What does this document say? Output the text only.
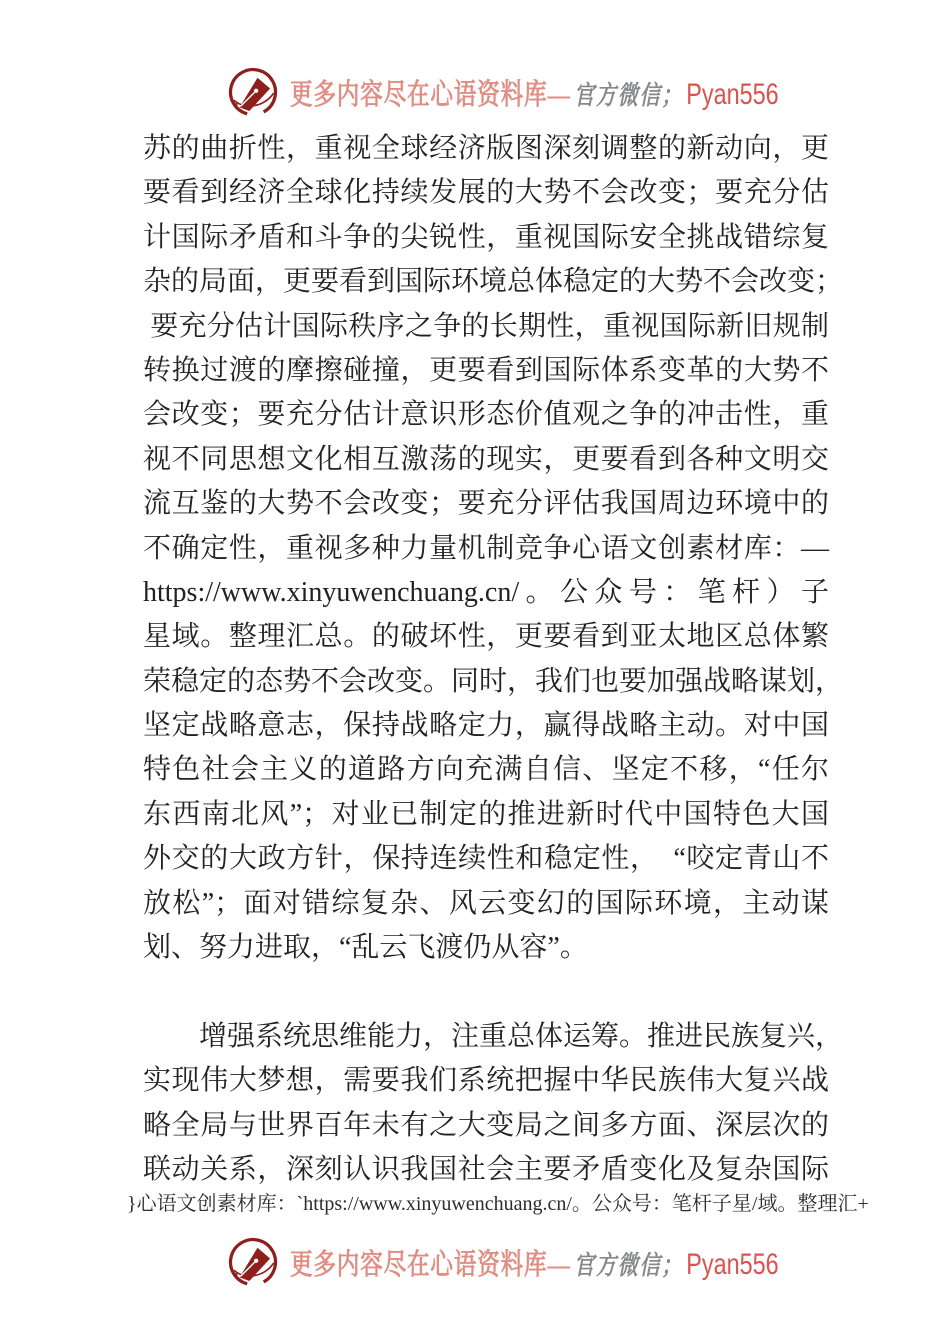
更多内容尽在心语资料库— 官方微信； Pyan556
苏的曲折性，重视全球经济版图深刻调整的新动向，更
要看到经济全球化持续发展的大势不会改变；要充分估
计国际矛盾和斗争的尖锐性，重视国际安全挑战错综复
杂的局面，更要看到国际环境总体稳定的大势不会改变；
要充分估计国际秩序之争的长期性，重视国际新旧规制
转换过渡的摩擦碰撞，更要看到国际体系变革的大势不
会改变；要充分估计意识形态价值观之争的冲击性，重
视不同思想文化相互激荡的现实，更要看到各种文明交
流互鉴的大势不会改变；要充分评估我国周边环境中的
不确定性，重视多种力量机制竞争心语文创素材库：—
https://www.xinyuwenchuang.cn/。公众号：笔杆）子
星域。整理汇总。的破坏性，更要看到亚太地区总体繁
荣稳定的态势不会改变。同时，我们也要加强战略谋划，
坚定战略意志，保持战略定力，赢得战略主动。对中国
特色社会主义的道路方向充满自信、坚定不移，“任尔
东西南北风”；对业已制定的推进新时代中国特色大国
外交的大政方针，保持连续性和稳定性，　“咬定青山不
放松”；面对错综复杂、风云变幻的国际环境，主动谋
划、努力进取，“乱云飞渡仍从容”。
　　增强系统思维能力，注重总体运筹。推进民族复兴，
实现伟大梦想，需要我们系统把握中华民族伟大复兴战
略全局与世界百年未有之大变局之间多方面、深层次的
联动关系，深刻认识我国社会主要矛盾变化及复杂国际
}心语文创素材库：`https://www.xinyuwenchuang.cn/。公众号：笔杆子星/域。整理汇+
更多内容尽在心语资料库— 官方微信； Pyan556
